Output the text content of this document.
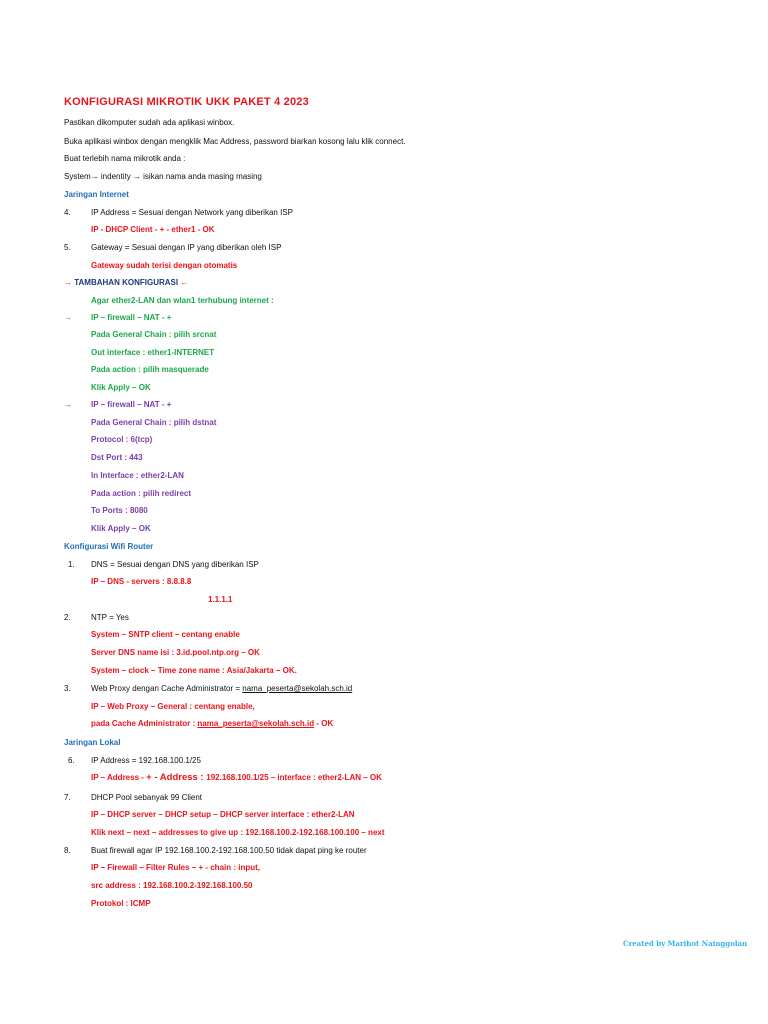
KONFIGURASI MIKROTIK UKK PAKET 4 2023
Pastikan dikomputer sudah ada aplikasi winbox.
Buka aplikasi winbox dengan mengklik Mac Address, password biarkan kosong lalu klik connect.
Buat terlebih nama mikrotik anda :
System→ indentity → isikan nama anda masing masing
Jaringan Internet
4.	IP Address = Sesuai dengan Network yang diberikan ISP
IP - DHCP Client - + - ether1 - OK
5.	Gateway = Sesuai dengan IP yang diberikan oleh ISP
Gateway sudah terisi dengan otomatis
→ TAMBAHAN KONFIGURASI ←
Agar ether2-LAN dan wlan1 terhubung internet :
→ IP – firewall – NAT - +
Pada General Chain : pilih srcnat
Out interface : ether1-INTERNET
Pada action : pilih masquerade
Klik Apply – OK
→ IP – firewall – NAT - +
Pada General Chain : pilih dstnat
Protocol : 6(tcp)
Dst Port : 443
In Interface : ether2-LAN
Pada action : pilih redirect
To Ports : 8080
Klik Apply – OK
Konfigurasi Wifi Router
1. DNS = Sesuai dengan DNS yang diberikan ISP
IP – DNS - servers : 8.8.8.8
1.1.1.1
2.	NTP = Yes
System – SNTP client – centang enable
Server DNS name isi : 3.id.pool.ntp.org – OK
System – clock – Time zone name : Asia/Jakarta – OK.
3.	Web Proxy dengan Cache Administrator = nama_peserta@sekolah.sch.id
IP – Web Proxy – General : centang enable,
pada Cache Administrator : nama_peserta@sekolah.sch.id - OK
Jaringan Lokal
6. IP Address = 192.168.100.1/25
IP – Address - + - Address : 192.168.100.1/25 – interface : ether2-LAN – OK
7.	DHCP Pool sebanyak 99 Client
IP – DHCP server – DHCP setup – DHCP server interface : ether2-LAN
Klik next – next – addresses to give up : 192.168.100.2-192.168.100.100 – next
8.	Buat firewall agar IP 192.168.100.2-192.168.100.50 tidak dapat ping ke router
IP – Firewall – Filter Rules – + - chain : input,
src address : 192.168.100.2-192.168.100.50
Protokol : ICMP
Created by Marihot Nainggolan
